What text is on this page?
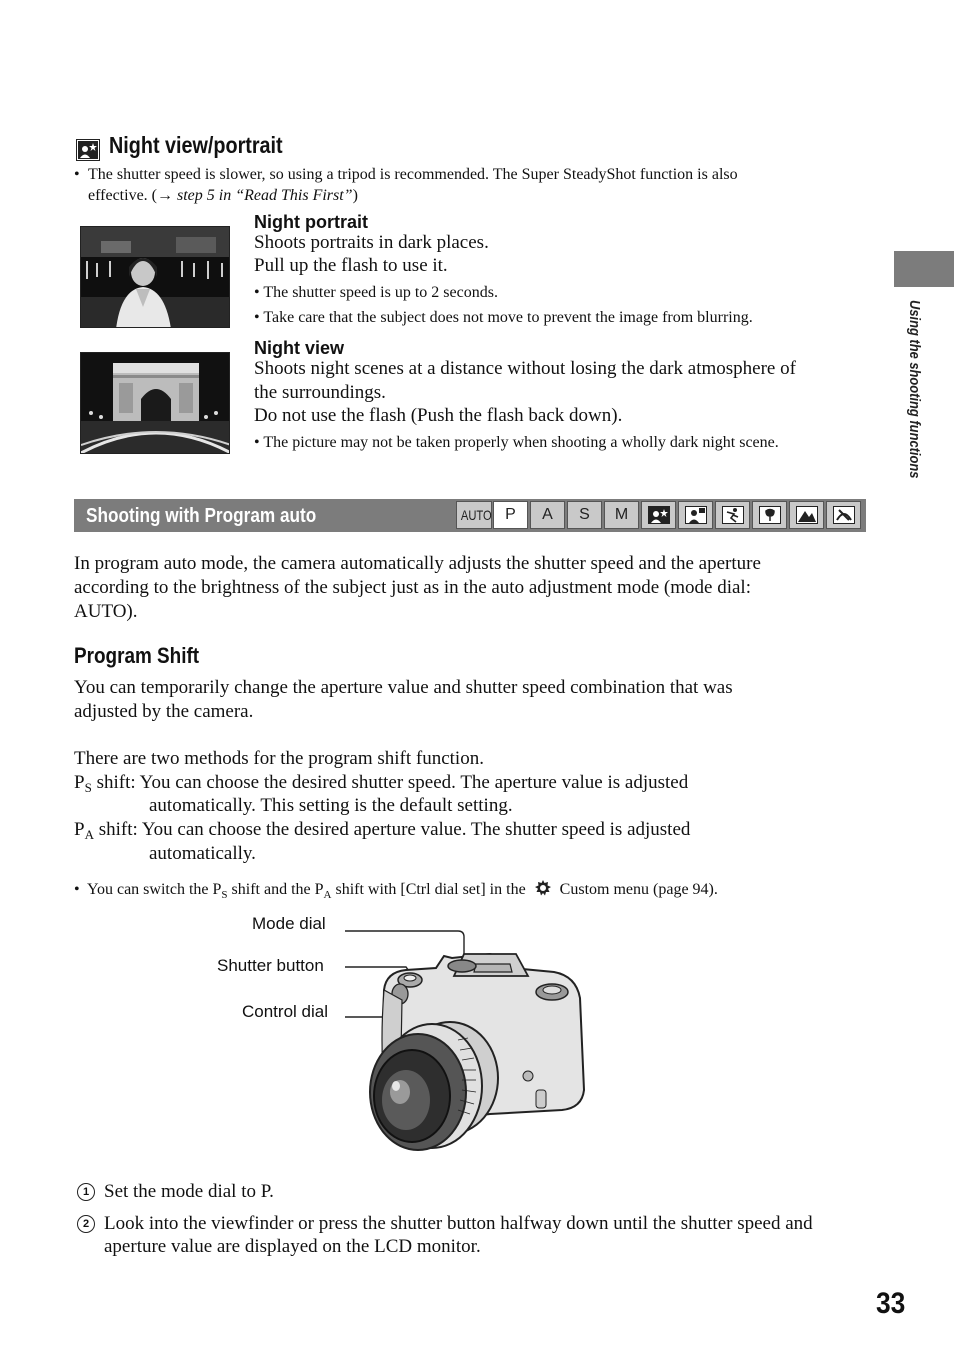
Night view/portrait
• The shutter speed is slower, so using a tripod is recommended. The Super SteadyShot function is also
effective. (→ step 5 in “Read This First”)
Night portrait
Shoots portraits in dark places.
Pull up the flash to use it.
• The shutter speed is up to 2 seconds.
• Take care that the subject does not move to prevent the image from blurring.
Night view
Shoots night scenes at a distance without losing the dark atmosphere of
the surroundings.
Do not use the flash (Push the flash back down).
• The picture may not be taken properly when shooting a wholly dark night scene.
Shooting with Program auto	AUTO P	A	S	M
In program auto mode, the camera automatically adjusts the shutter speed and the aperture
according to the brightness of the subject just as in the auto adjustment mode (mode dial:
AUTO).
Program Shift
You can temporarily change the aperture value and shutter speed combination that was
adjusted by the camera.
There are two methods for the program shift function.
$P_S$ shift: You can choose the desired shutter speed. The aperture value is adjusted
automatically. This setting is the default setting.
$P_A$ shift: You can choose the desired aperture value. The shutter speed is adjusted
automatically.
• You can switch the $P_S$ shift and the $P_A$ shift with [Ctrl dial set] in the Custom menu (page 94).
Mode dial
Shutter button
Control dial
1 Set the mode dial to P.
2 Look into the viewfinder or press the shutter button halfway down until the shutter speed and
aperture value are displayed on the LCD monitor.
Using the shooting functions
33
